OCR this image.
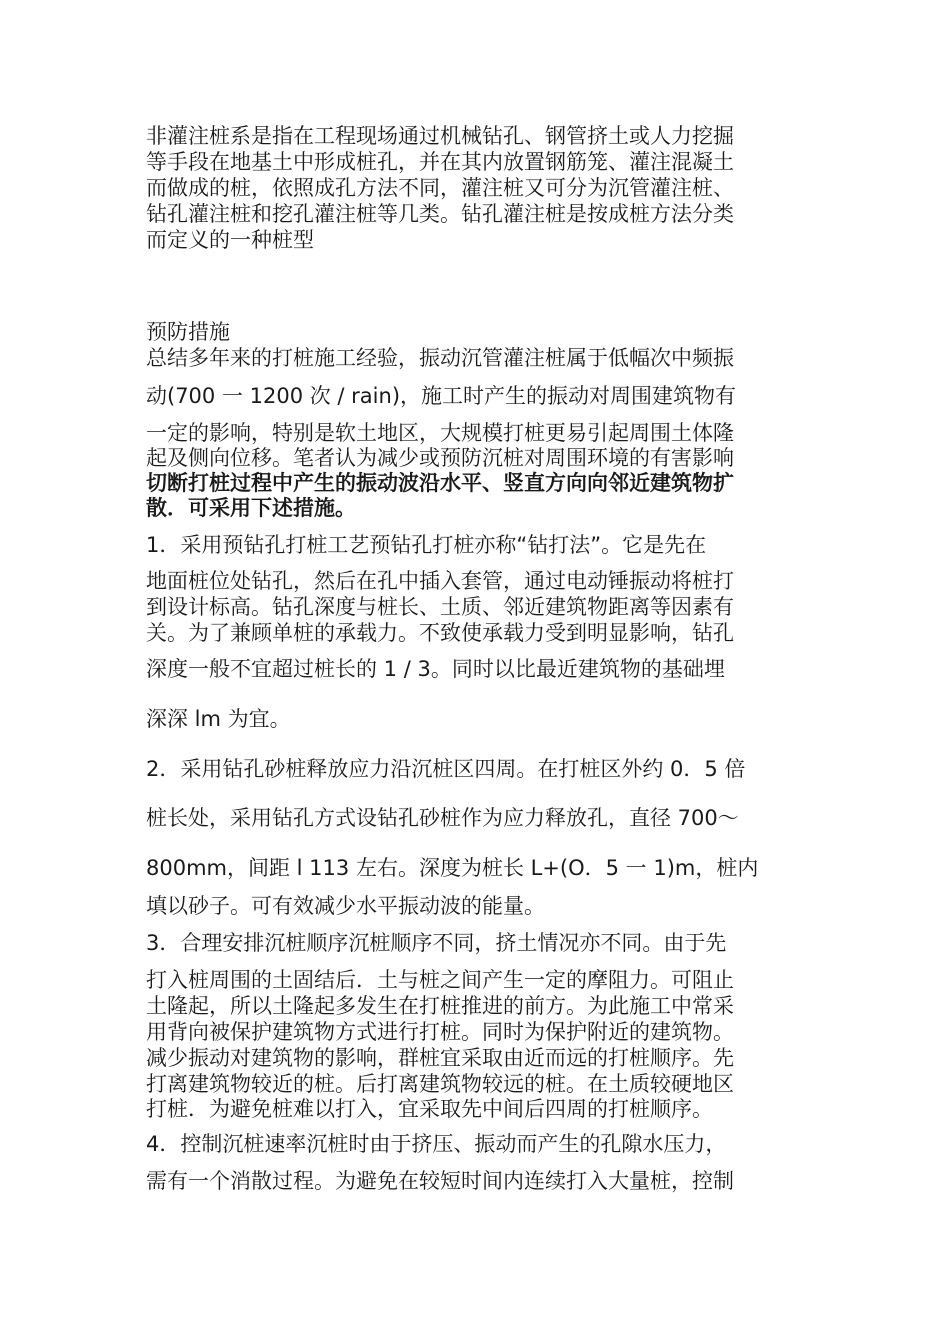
非灌注桩系是指在工程现场通过机械钻孔、钢管挤土或人力挖掘
等手段在地基土中形成桩孔，并在其内放置钢筋笼、灌注混凝土
而做成的桩，依照成孔方法不同，灌注桩又可分为沉管灌注桩、
钻孔灌注桩和挖孔灌注桩等几类。钻孔灌注桩是按成桩方法分类
而定义的一种桩型
预防措施
总结多年来的打桩施工经验，振动沉管灌注桩属于低幅次中频振
动(700 一 1200 次 / rain)，施工时产生的振动对周围建筑物有
一定的影响，特别是软土地区，大规模打桩更易引起周围土体隆
起及侧向位移。笔者认为减少或预防沉桩对周围环境的有害影响
切断打桩过程中产生的振动波沿水平、竖直方向向邻近建筑物扩
散．可采用下述措施。
1．采用预钻孔打桩工艺预钻孔打桩亦称“钻打法”。它是先在
地面桩位处钻孔，然后在孔中插入套管，通过电动锤振动将桩打
到设计标高。钻孔深度与桩长、土质、邻近建筑物距离等因素有
关。为了兼顾单桩的承载力。不致使承载力受到明显影响，钻孔
深度一般不宜超过桩长的 1 / 3。同时以比最近建筑物的基础埋
深深 lm 为宜。
2．采用钻孔砂桩释放应力沿沉桩区四周。在打桩区外约 0．5 倍
桩长处，采用钻孔方式设钻孔砂桩作为应力释放孔，直径 700～
800mm，间距 l 113 左右。深度为桩长 L+(O．5 一 1)m，桩内
填以砂子。可有效减少水平振动波的能量。
3．合理安排沉桩顺序沉桩顺序不同，挤土情况亦不同。由于先
打入桩周围的土固结后．土与桩之间产生一定的摩阻力。可阻止
土隆起，所以土隆起多发生在打桩推进的前方。为此施工中常采
用背向被保护建筑物方式进行打桩。同时为保护附近的建筑物。
减少振动对建筑物的影响，群桩宜采取由近而远的打桩顺序。先
打离建筑物较近的桩。后打离建筑物较远的桩。在土质较硬地区
打桩．为避免桩难以打入，宜采取先中间后四周的打桩顺序。
4．控制沉桩速率沉桩时由于挤压、振动而产生的孔隙水压力，
需有一个消散过程。为避免在较短时间内连续打入大量桩，控制
